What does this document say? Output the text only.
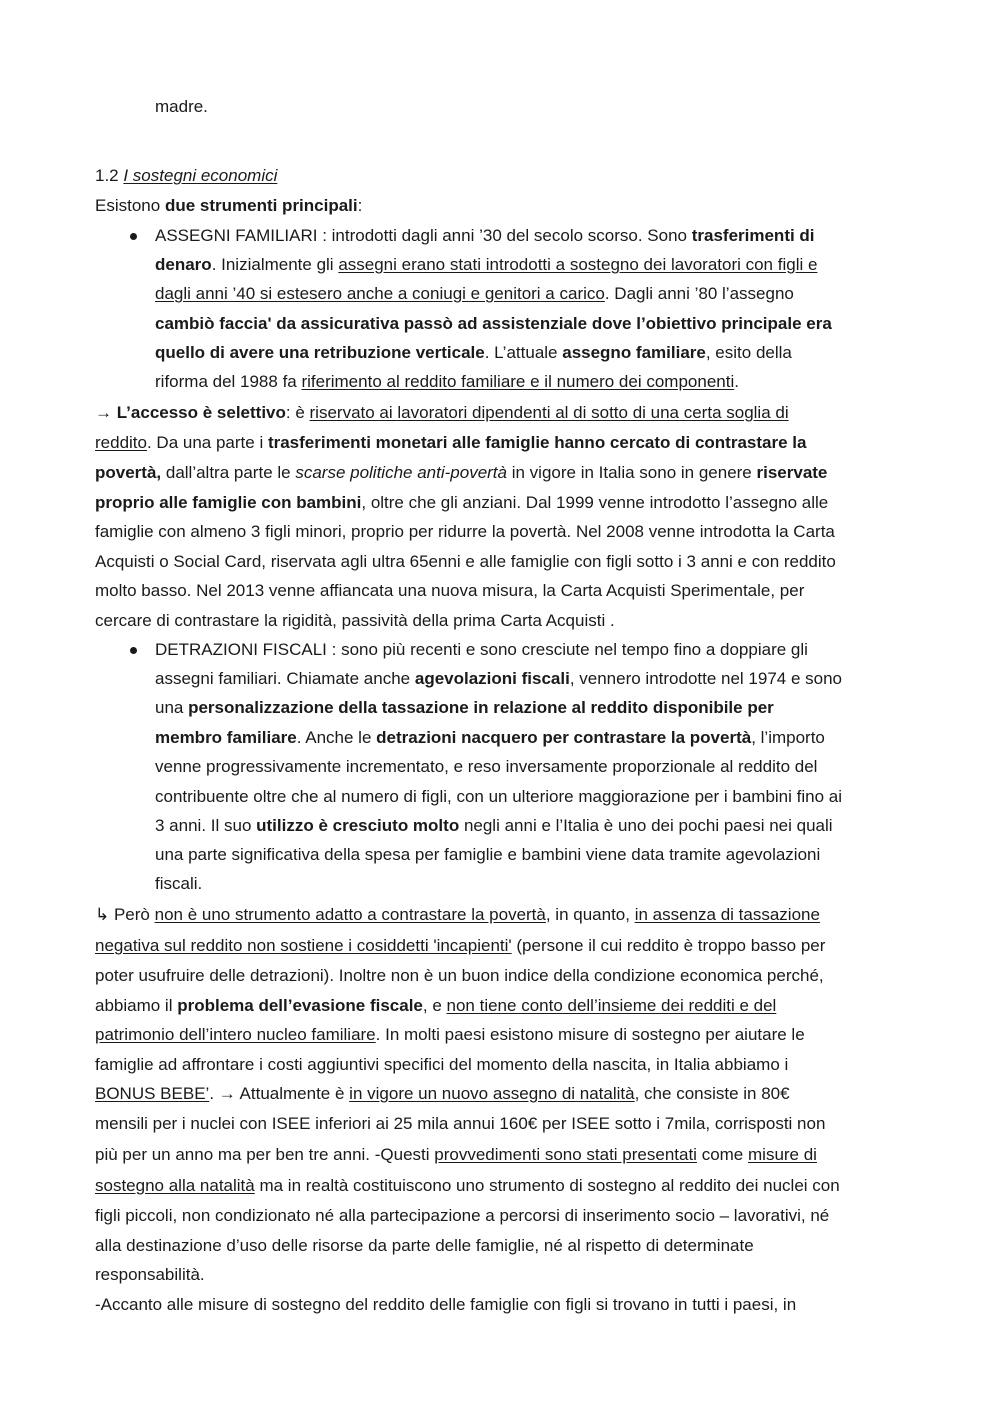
madre.
1.2 I sostegni economici
Esistono due strumenti principali:
ASSEGNI FAMILIARI : introdotti dagli anni ’30 del secolo scorso. Sono trasferimenti di
denaro. Inizialmente gli assegni erano stati introdotti a sostegno dei lavoratori con figli e
dagli anni ’40 si estesero anche a coniugi e genitori a carico. Dagli anni ’80 l’assegno
cambiò faccia' da assicurativa passò ad assistenziale dove l’obiettivo principale era
quello di avere una retribuzione verticale. L’attuale assegno familiare, esito della
riforma del 1988 fa riferimento al reddito familiare e il numero dei componenti.
→ L’accesso è selettivo: è riservato ai lavoratori dipendenti al di sotto di una certa soglia di
reddito. Da una parte i trasferimenti monetari alle famiglie hanno cercato di contrastare la
povertà, dall’altra parte le scarse politiche anti-povertà in vigore in Italia sono in genere riservate
proprio alle famiglie con bambini, oltre che gli anziani. Dal 1999 venne introdotto l’assegno alle
famiglie con almeno 3 figli minori, proprio per ridurre la povertà. Nel 2008 venne introdotta la Carta
Acquisti o Social Card, riservata agli ultra 65enni e alle famiglie con figli sotto i 3 anni e con reddito
molto basso. Nel 2013 venne affiancata una nuova misura, la Carta Acquisti Sperimentale, per
cercare di contrastare la rigidità, passività della prima Carta Acquisti .
DETRAZIONI FISCALI : sono più recenti e sono cresciute nel tempo fino a doppiare gli
assegni familiari. Chiamate anche agevolazioni fiscali, vennero introdotte nel 1974 e sono
una personalizzazione della tassazione in relazione al reddito disponibile per
membro familiare. Anche le detrazioni nacquero per contrastare la povertà, l’importo
venne progressivamente incrementato, e reso inversamente proporzionale al reddito del
contribuente oltre che al numero di figli, con un ulteriore maggiorazione per i bambini fino ai
3 anni. Il suo utilizzo è cresciuto molto negli anni e l’Italia è uno dei pochi paesi nei quali
una parte significativa della spesa per famiglie e bambini viene data tramite agevolazioni
fiscali.
↳ Però non è uno strumento adatto a contrastare la povertà, in quanto, in assenza di tassazione
negativa sul reddito non sostiene i cosiddetti 'incapienti' (persone il cui reddito è troppo basso per
poter usufruire delle detrazioni). Inoltre non è un buon indice della condizione economica perché,
abbiamo il problema dell’evasione fiscale, e non tiene conto dell’insieme dei redditi e del
patrimonio dell’intero nucleo familiare. In molti paesi esistono misure di sostegno per aiutare le
famiglie ad affrontare i costi aggiuntivi specifici del momento della nascita, in Italia abbiamo i
BONUS BEBE’. → Attualmente è in vigore un nuovo assegno di natalità, che consiste in 80€
mensili per i nuclei con ISEE inferiori ai 25 mila annui 160€ per ISEE sotto i 7mila, corrisposti non
più per un anno ma per ben tre anni. -Questi provvedimenti sono stati presentati come misure di
sostegno alla natalità ma in realtà costituiscono uno strumento di sostegno al reddito dei nuclei con
figli piccoli, non condizionato né alla partecipazione a percorsi di inserimento socio – lavorativi, né
alla destinazione d’uso delle risorse da parte delle famiglie, né al rispetto di determinate
responsabilità.
-Accanto alle misure di sostegno del reddito delle famiglie con figli si trovano in tutti i paesi, in
